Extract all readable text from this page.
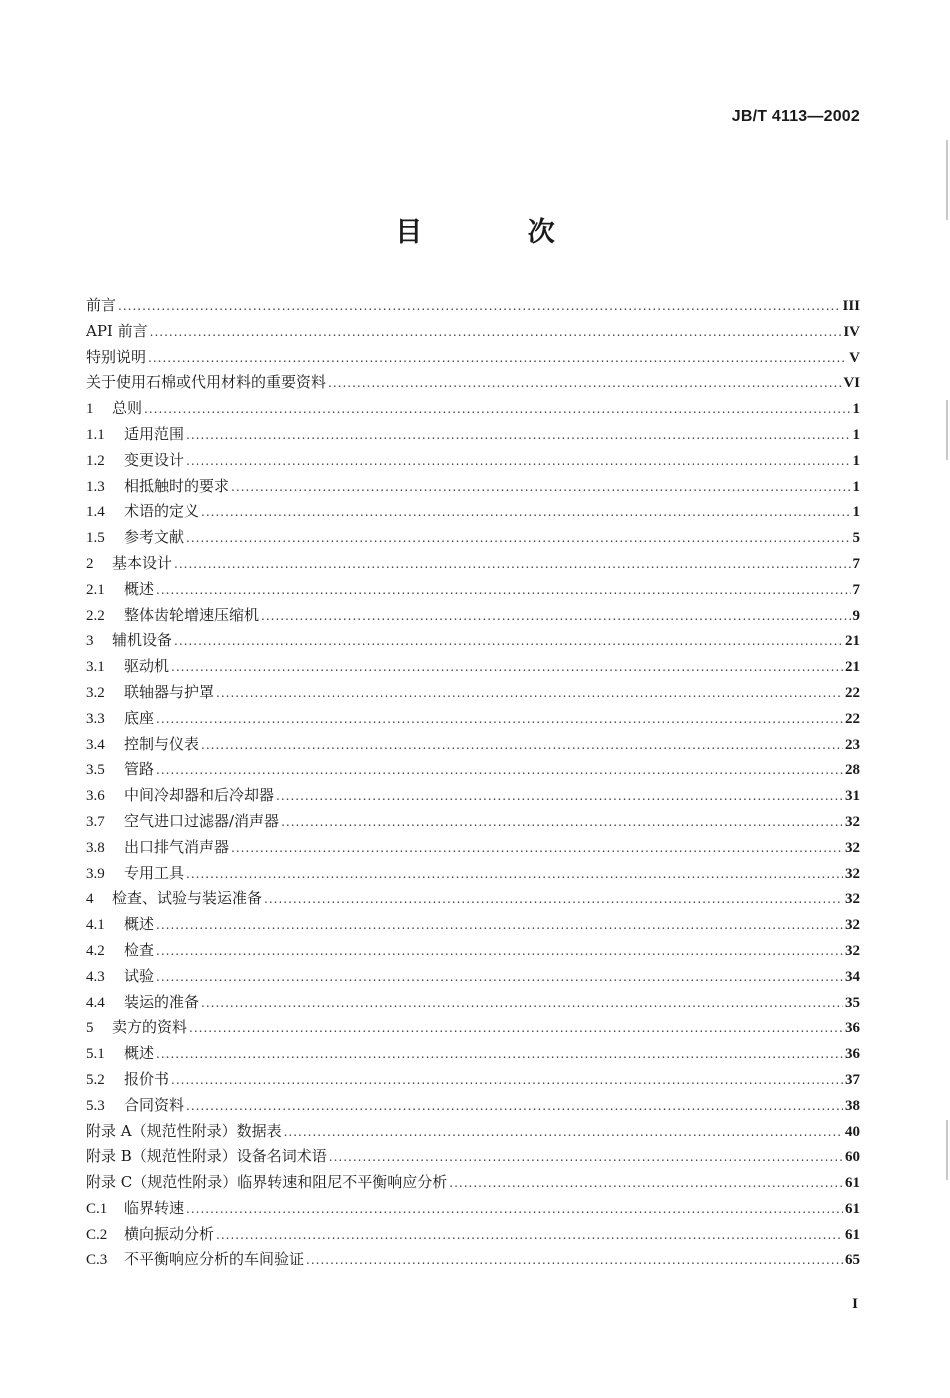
JB/T 4113—2002
目 次
前言 .....	III
API 前言 .....	IV
特别说明 .....	V
关于使用石棉或代用材料的重要资料 .....	VI
1	总则 .....	1
1.1	适用范围 .....	1
1.2	变更设计 .....	1
1.3	相抵触时的要求 .....	1
1.4	术语的定义 .....	1
1.5	参考文献 .....	5
2	基本设计 .....	7
2.1	概述 .....	7
2.2	整体齿轮增速压缩机 .....	9
3	辅机设备 .....	21
3.1	驱动机 .....	21
3.2	联轴器与护罩 .....	22
3.3	底座 .....	22
3.4	控制与仪表 .....	23
3.5	管路 .....	28
3.6	中间冷却器和后冷却器 .....	31
3.7	空气进口过滤器/消声器 .....	32
3.8	出口排气消声器 .....	32
3.9	专用工具 .....	32
4	检查、试验与装运准备 .....	32
4.1	概述 .....	32
4.2	检查 .....	32
4.3	试验 .....	34
4.4	装运的准备 .....	35
5	卖方的资料 .....	36
5.1	概述 .....	36
5.2	报价书 .....	37
5.3	合同资料 .....	38
附录 A（规范性附录）数据表 .....	40
附录 B（规范性附录）设备名词术语 .....	60
附录 C（规范性附录）临界转速和阻尼不平衡响应分析 .....	61
C.1	临界转速 .....	61
C.2	横向振动分析 .....	61
C.3	不平衡响应分析的车间验证 .....	65
I
